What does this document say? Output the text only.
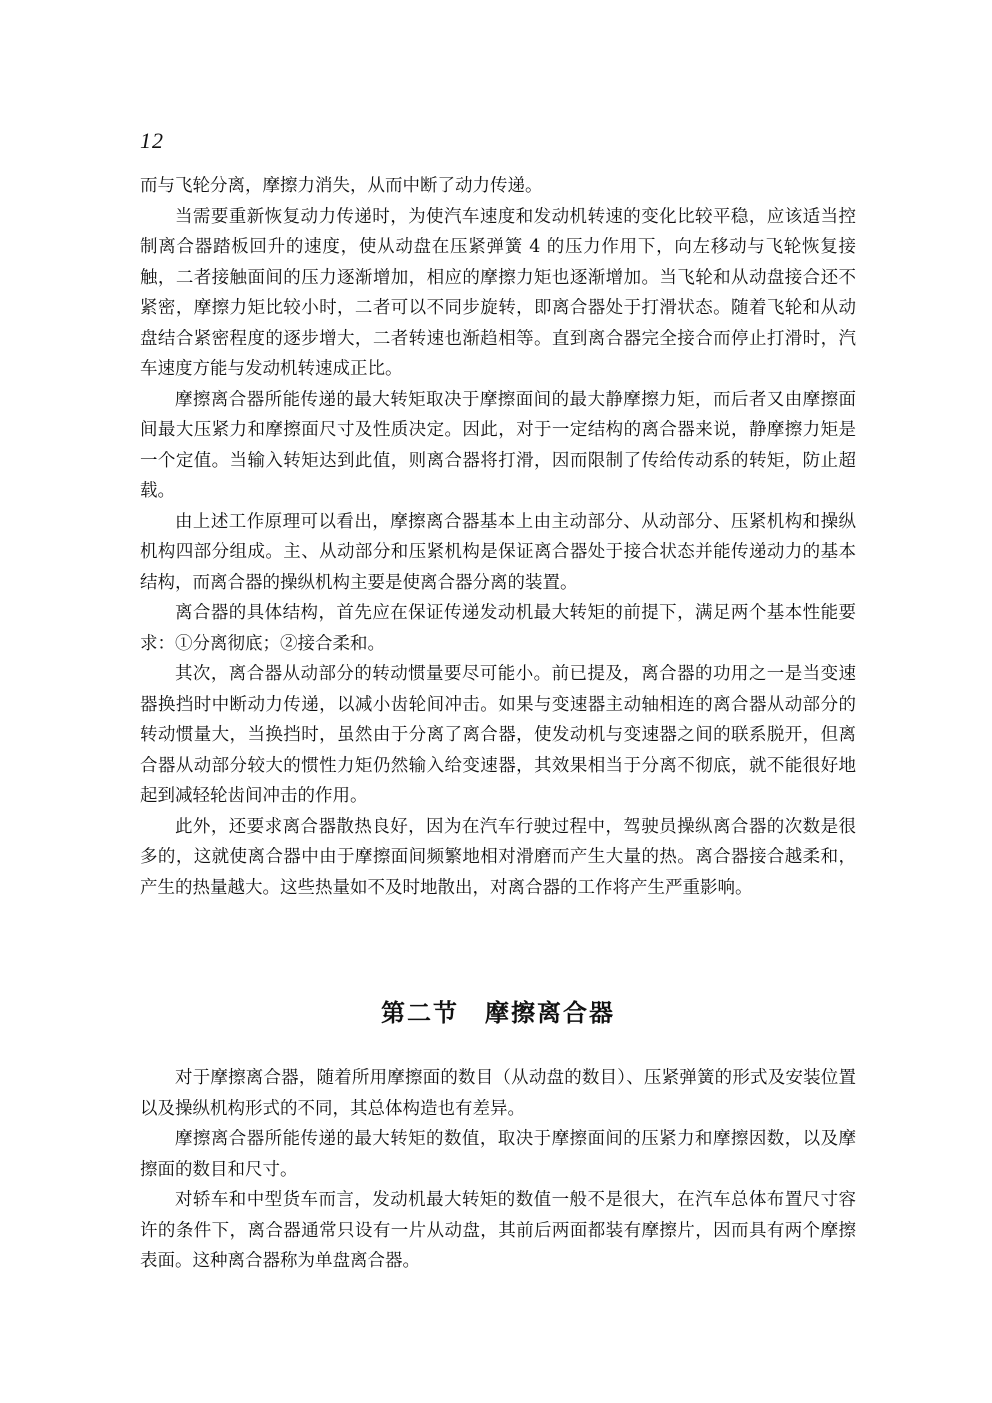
12

而与飞轮分离，摩擦力消失，从而中断了动力传递。

当需要重新恢复动力传递时，为使汽车速度和发动机转速的变化比较平稳，应该适当控制离合器踏板回升的速度，使从动盘在压紧弹簧 4 的压力作用下，向左移动与飞轮恢复接触，二者接触面间的压力逐渐增加，相应的摩擦力矩也逐渐增加。当飞轮和从动盘接合还不紧密，摩擦力矩比较小时，二者可以不同步旋转，即离合器处于打滑状态。随着飞轮和从动盘结合紧密程度的逐步增大，二者转速也渐趋相等。直到离合器完全接合而停止打滑时，汽车速度方能与发动机转速成正比。

摩擦离合器所能传递的最大转矩取决于摩擦面间的最大静摩擦力矩，而后者又由摩擦面间最大压紧力和摩擦面尺寸及性质决定。因此，对于一定结构的离合器来说，静摩擦力矩是一个定值。当输入转矩达到此值，则离合器将打滑，因而限制了传给传动系的转矩，防止超载。

由上述工作原理可以看出，摩擦离合器基本上由主动部分、从动部分、压紧机构和操纵机构四部分组成。主、从动部分和压紧机构是保证离合器处于接合状态并能传递动力的基本结构，而离合器的操纵机构主要是使离合器分离的装置。

离合器的具体结构，首先应在保证传递发动机最大转矩的前提下，满足两个基本性能要求：①分离彻底；②接合柔和。

其次，离合器从动部分的转动惯量要尽可能小。前已提及，离合器的功用之一是当变速器换挡时中断动力传递，以减小齿轮间冲击。如果与变速器主动轴相连的离合器从动部分的转动惯量大，当换挡时，虽然由于分离了离合器，使发动机与变速器之间的联系脱开，但离合器从动部分较大的惯性力矩仍然输入给变速器，其效果相当于分离不彻底，就不能很好地起到减轻轮齿间冲击的作用。

此外，还要求离合器散热良好，因为在汽车行驶过程中，驾驶员操纵离合器的次数是很多的，这就使离合器中由于摩擦面间频繁地相对滑磨而产生大量的热。离合器接合越柔和，产生的热量越大。这些热量如不及时地散出，对离合器的工作将产生严重影响。

第二节　摩擦离合器

对于摩擦离合器，随着所用摩擦面的数目（从动盘的数目）、压紧弹簧的形式及安装位置以及操纵机构形式的不同，其总体构造也有差异。

摩擦离合器所能传递的最大转矩的数值，取决于摩擦面间的压紧力和摩擦因数，以及摩擦面的数目和尺寸。

对轿车和中型货车而言，发动机最大转矩的数值一般不是很大，在汽车总体布置尺寸容许的条件下，离合器通常只设有一片从动盘，其前后两面都装有摩擦片，因而具有两个摩擦表面。这种离合器称为单盘离合器。
